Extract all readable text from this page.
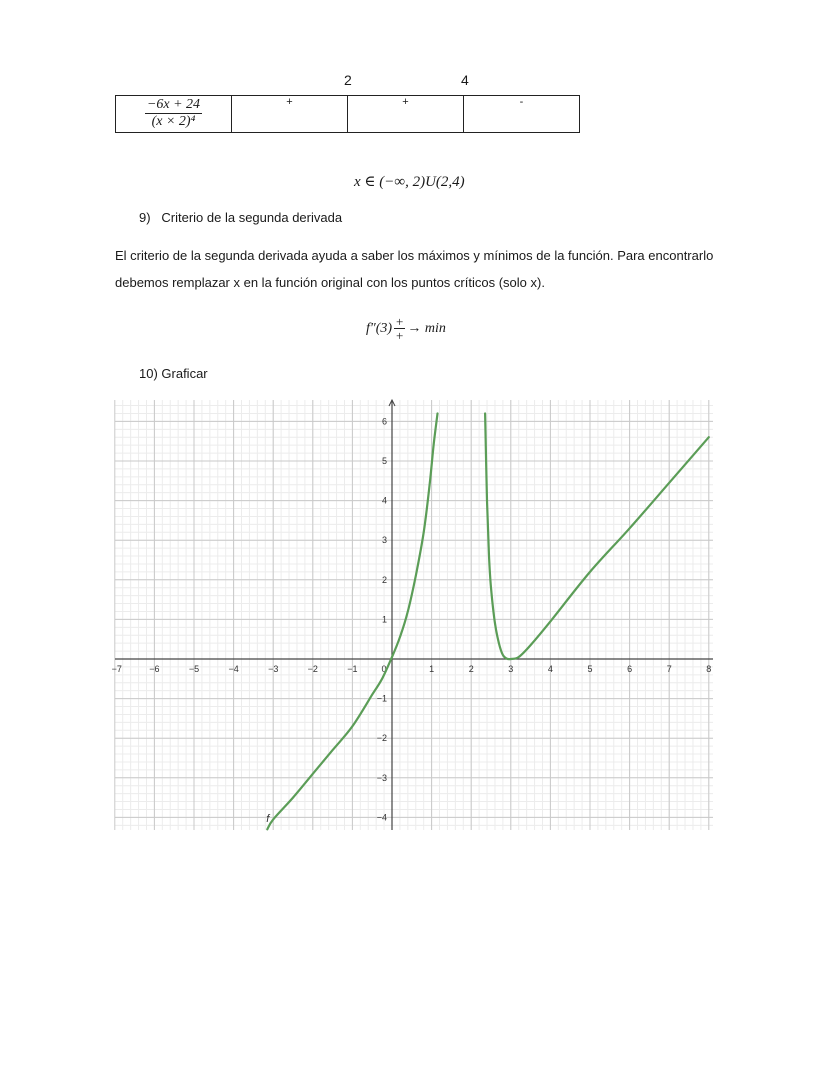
2	4
$\frac{-6x + 24}{\text{(x × 2)⁴}}$	+	+	-
x ∈ (−∞, 2)U(2,4)
9)   Criterio de la segunda derivada
El criterio de la segunda derivada ayuda a saber los máximos y mínimos de la función. Para encontrarlo debemos remplazar x en la función original con los puntos críticos (solo x).
$f''(3) \frac{+}{+} \to \min$
10) Graficar
−7	−6	−5	−4	−3	−2	−1	0	1	2	3	4	5	6	7	8
−4
−3
−2
−1
1
2
3
4
5
6
f
